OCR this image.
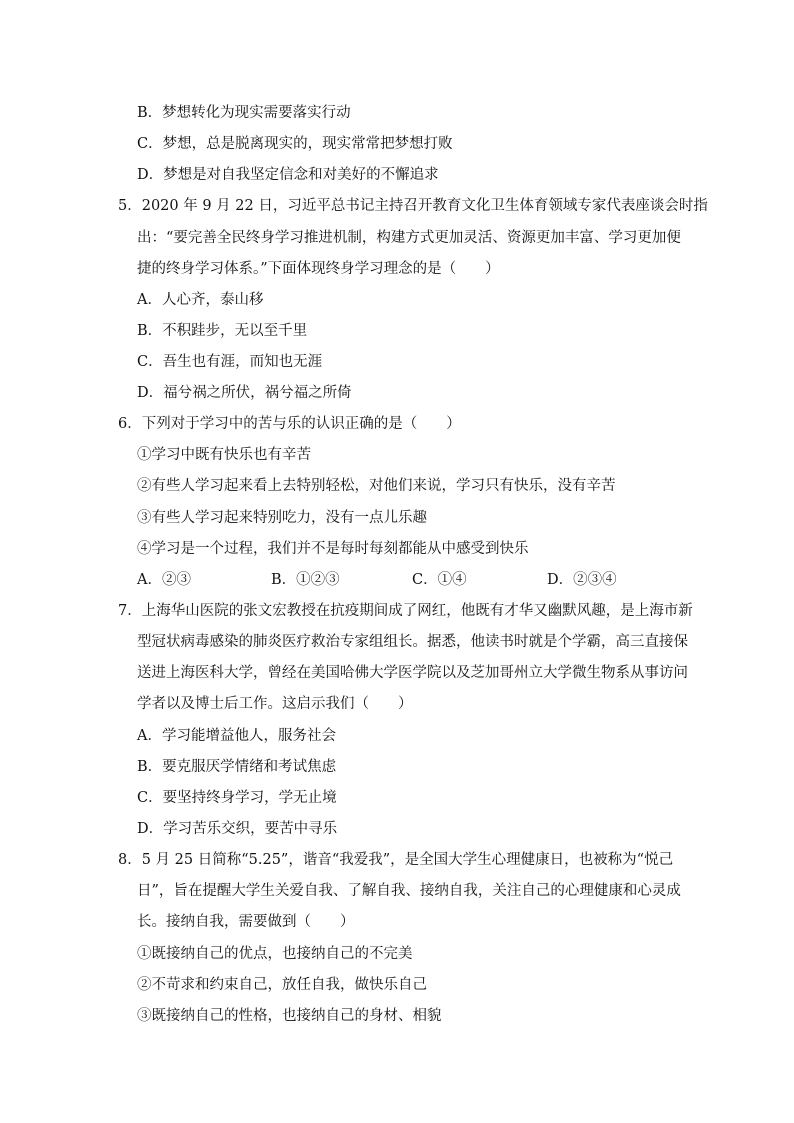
B．梦想转化为现实需要落实行动
C．梦想，总是脱离现实的，现实常常把梦想打败
D．梦想是对自我坚定信念和对美好的不懈追求
5．2020 年 9 月 22 日，习近平总书记主持召开教育文化卫生体育领域专家代表座谈会时指
出：“要完善全民终身学习推进机制，构建方式更加灵活、资源更加丰富、学习更加便
捷的终身学习体系。”下面体现终身学习理念的是（　　）
A．人心齐，泰山移
B．不积跬步，无以至千里
C．吾生也有涯，而知也无涯
D．福兮祸之所伏，祸兮福之所倚
6．下列对于学习中的苦与乐的认识正确的是（　　）
①学习中既有快乐也有辛苦
②有些人学习起来看上去特别轻松，对他们来说，学习只有快乐，没有辛苦
③有些人学习起来特别吃力，没有一点儿乐趣
④学习是一个过程，我们并不是每时每刻都能从中感受到快乐
A．②③	B．①②③	C．①④	D．②③④
7．上海华山医院的张文宏教授在抗疫期间成了网红，他既有才华又幽默风趣，是上海市新
型冠状病毒感染的肺炎医疗救治专家组组长。据悉，他读书时就是个学霸，高三直接保
送进上海医科大学，曾经在美国哈佛大学医学院以及芝加哥州立大学微生物系从事访问
学者以及博士后工作。这启示我们（　　）
A．学习能增益他人，服务社会
B．要克服厌学情绪和考试焦虑
C．要坚持终身学习，学无止境
D．学习苦乐交织，要苦中寻乐
8．5 月 25 日简称“5.25”，谐音“我爱我”，是全国大学生心理健康日，也被称为“悦己
日”，旨在提醒大学生关爱自我、了解自我、接纳自我，关注自己的心理健康和心灵成
长。接纳自我，需要做到（　　）
①既接纳自己的优点，也接纳自己的不完美
②不苛求和约束自己，放任自我，做快乐自己
③既接纳自己的性格，也接纳自己的身材、相貌
